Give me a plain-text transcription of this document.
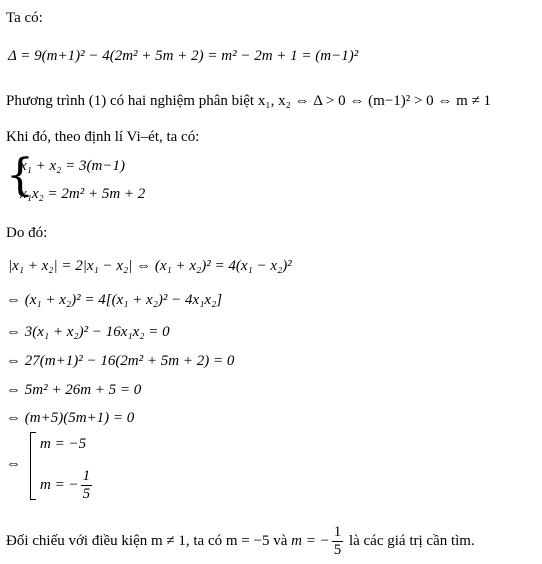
Ta có:
Δ = 9(m+1)² − 4(2m² + 5m + 2) = m² − 2m + 1 = (m−1)²
Phương trình (1) có hai nghiệm phân biệt x₁, x₂ ⇔ Δ > 0 ⇔ (m−1)² > 0 ⇔ m ≠ 1
Khi đó, theo định lí Vi–ét, ta có:
{
x₁ + x₂ = 3(m−1)
x₁x₂ = 2m² + 5m + 2
Do đó:
|x₁ + x₂| = 2|x₁ − x₂| ⇔ (x₁ + x₂)² = 4(x₁ − x₂)²
⇔ (x₁ + x₂)² = 4[(x₁ + x₂)² − 4x₁x₂]
⇔ 3(x₁ + x₂)² − 16x₁x₂ = 0
⇔ 27(m+1)² − 16(2m² + 5m + 2) = 0
⇔ 5m² + 26m + 5 = 0
⇔ (m+5)(5m+1) = 0
⇔
m = −5
m = − $\frac{1}{5}$
Đối chiếu với điều kiện m ≠ 1, ta có m = −5 và m = − $\frac{1}{5}$ là các giá trị cần tìm.
